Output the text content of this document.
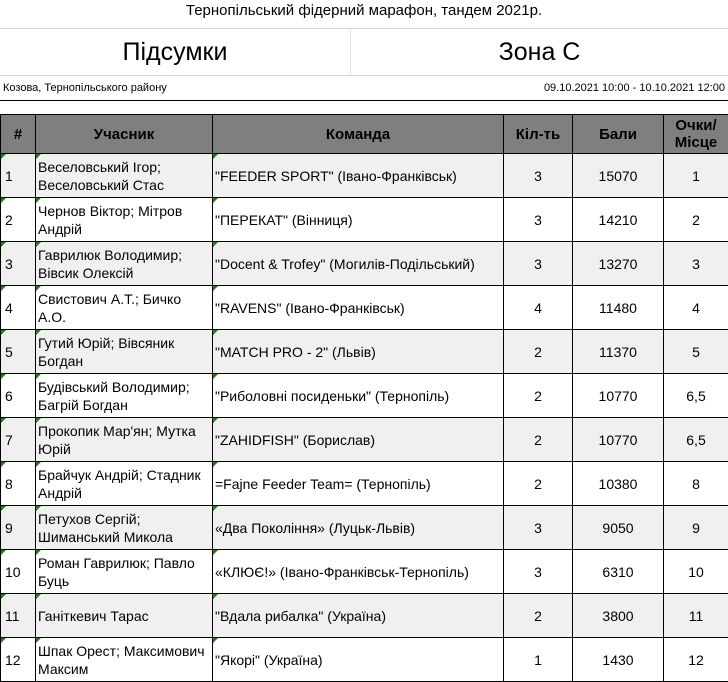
Тернопільський фідерний марафон, тандем 2021р.
Підсумки	Зона С
Козова, Тернопільського району	09.10.2021 10:00 - 10.10.2021 12:00
#	Учасник	Команда	Кіл-ть	Бали	Очки/ Місце

1	Веселовський Ігор; Веселовський Стас	"FEEDER SPORT" (Івано-Франківськ)	3	15070	1

2	Чернов Віктор; Мітров Андрій	"ПЕРЕКАТ" (Вінниця)	3	14210	2

3	Гаврилюк Володимир; Вівсик Олексій	"Docent & Trofey" (Могилів-Подільський)	3	13270	3

4	Свистович А.Т.; Бичко А.О.	"RAVENS" (Івано-Франківськ)	4	11480	4

5	Гутий Юрій; Вівсяник Богдан	"MATCH PRO - 2" (Львів)	2	11370	5

6	Будівський Володимир; Багрій Богдан	"Риболовні посиденьки" (Тернопіль)	2	10770	6,5

7	Прокопик Мар'ян; Мутка Юрій	"ZAHIDFISH" (Борислав)	2	10770	6,5

8	Брайчук Андрій; Стадник Андрій	=Fajne Feeder Team= (Тернопіль)	2	10380	8

9	Петухов Сергій; Шиманський Микола	«Два Покоління» (Луцьк-Львів)	3	9050	9

10	Роман Гаврилюк; Павло Буць	«КЛЮЄ!» (Івано-Франківськ-Тернопіль)	3	6310	10

11	Ганіткевич Тарас	"Вдала рибалка" (Україна)	2	3800	11

12	Шпак Орест; Максимович Максим	"Якорі" (Україна)	1	1430	12
